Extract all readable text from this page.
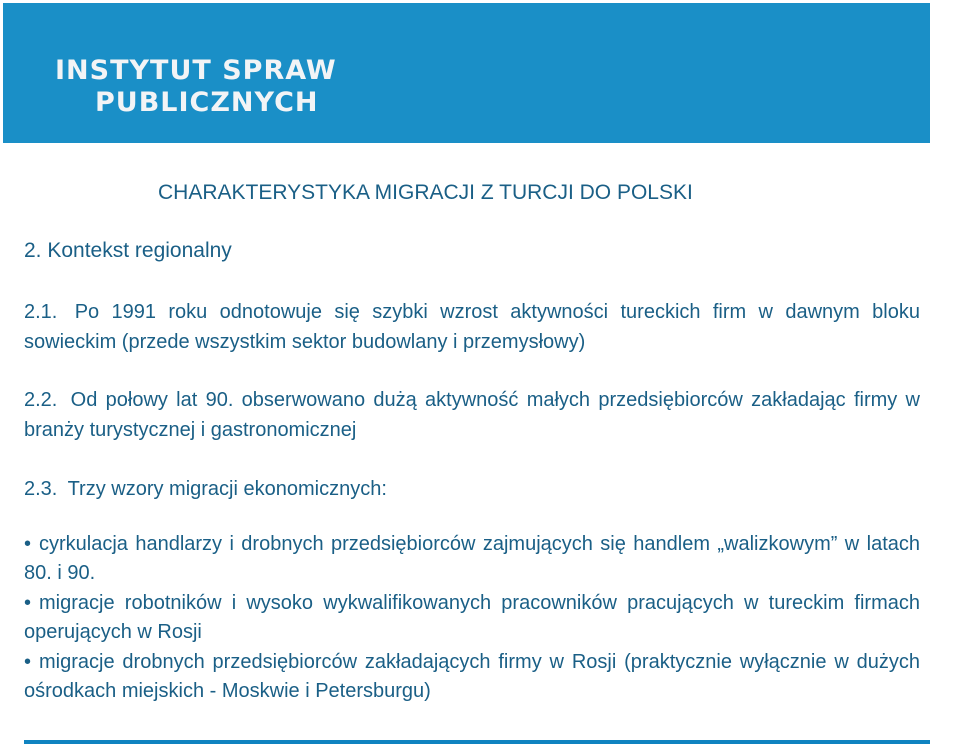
INSTYTUT SPRAW
PUBLICZNYCH
CHARAKTERYSTYKA MIGRACJI Z TURCJI DO POLSKI
2. Kontekst regionalny
2.1. Po 1991 roku odnotowuje się szybki wzrost aktywności tureckich firm w dawnym bloku sowieckim (przede wszystkim sektor budowlany i przemysłowy)
2.2. Od połowy lat 90. obserwowano dużą aktywność małych przedsiębiorców zakładając firmy w branży turystycznej i gastronomicznej
2.3. Trzy wzory migracji ekonomicznych:
• cyrkulacja handlarzy i drobnych przedsiębiorców zajmujących się handlem „walizkowym” w latach 80. i 90.
• migracje robotników i wysoko wykwalifikowanych pracowników pracujących w tureckim firmach operujących w Rosji
• migracje drobnych przedsiębiorców zakładających firmy w Rosji (praktycznie wyłącznie w dużych ośrodkach miejskich - Moskwie i Petersburgu)
